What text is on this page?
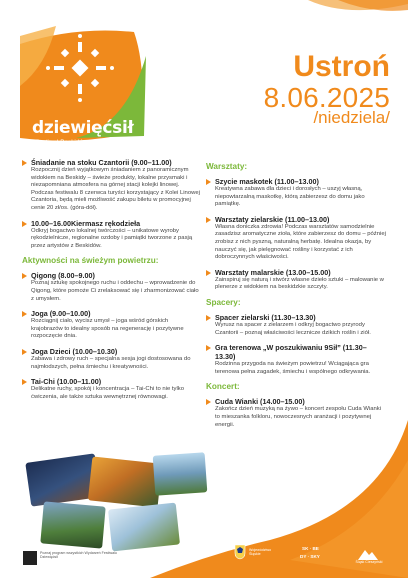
dziewięćsił
Festiwal Beskidów
i Śląska Cieszyńskiego
Ustroń
8.06.2025
/niedziela/
Śniadanie na stoku Czantorii (9.00–11.00)
Rozpocznij dzień wyjątkowym śniadaniem z panoramicznym widokiem na Beskidy – świeże produkty, lokalne przysmaki i niezapomniana atmosfera na górnej stacji kolejki linowej. Podczas festiwalu 8 czerwca turyści korzystający z Kolei Linowej Czantoria, będą mieli możliwość zakupu biletu w promocyjnej cenie 20 zł/os. (góra-dół).
10.00–16.00Kiermasz rękodzieła
Odkryj bogactwo lokalnej twórczości – unikatowe wyroby rękodzielnicze, regionalne ozdoby i pamiątki tworzone z pasją przez artystów z Beskidów.
Aktywności na świeżym powietrzu:
Qigong (8.00–9.00)
Poznaj sztukę spokojnego ruchu i oddechu – wprowadzenie do Qigong, które pomoże Ci zrelaksować się i zharmonizować ciało z umysłem.
Joga (9.00–10.00)
Rozciągnij ciało, wycisz umysł – joga wśród górskich krajobrazów to idealny sposób na regenerację i pozytywne rozpoczęcie dnia.
Joga Dzieci (10.00–10.30)
Zabawa i zdrowy ruch – specjalna sesja jogi dostosowana do najmłodszych, pełna śmiechu i kreatywności.
Tai-Chi (10.00–11.00)
Delikatne ruchy, spokój i koncentracja – Tai-Chi to nie tylko ćwiczenia, ale także sztuka wewnętrznej równowagi.
Warsztaty:
Szycie maskotek (11.00–13.00)
Kreatywna zabawa dla dzieci i dorosłych – uszyj własną, niepowtarzalną maskotkę, którą zabierzesz do domu jako pamiątkę.
Warsztaty zielarskie (11.00–13.00)
Własna doniczka zdrowia! Podczas warsztatów samodzielnie zasadzisz aromatyczne zioła, które zabierzesz do domu – później zrobisz z nich pyszną, naturalną herbatę. Idealna okazja, by nauczyć się, jak pielęgnować rośliny i korzystać z ich dobroczynnych właściwości.
Warsztaty malarskie (13.00–15.00)
Zainspiruj się naturą i stwórz własne dzieło sztuki – malowanie w plenerze z widokiem na beskidzkie szczyty.
Spacery:
Spacer zielarski (11.30–13.30)
Wyrusz na spacer z zielarzem i odkryj bogactwo przyrody Czantorii – poznaj właściwości lecznicze dzikich roślin i ziół.
Gra terenowa „W poszukiwaniu 9Sił” (11.30–13.30)
Rodzinna przygoda na świeżym powietrzu! Wciągająca gra terenowa pełna zagadek, śmiechu i wspólnego odkrywania.
Koncert:
Cuda Wianki (14.00–15.00)
Zakończ dzień muzyką na żywo – koncert zespołu Cuda Wianki to mieszanka folkloru, nowoczesnych aranżacji i pozytywnej energii.
Poznaj program wszystkich Wydarzeń Festiwalu Dziewięćsił
Województwo Śląskie
SK · BE
DY · SKY
Śląsk Cieszyński
